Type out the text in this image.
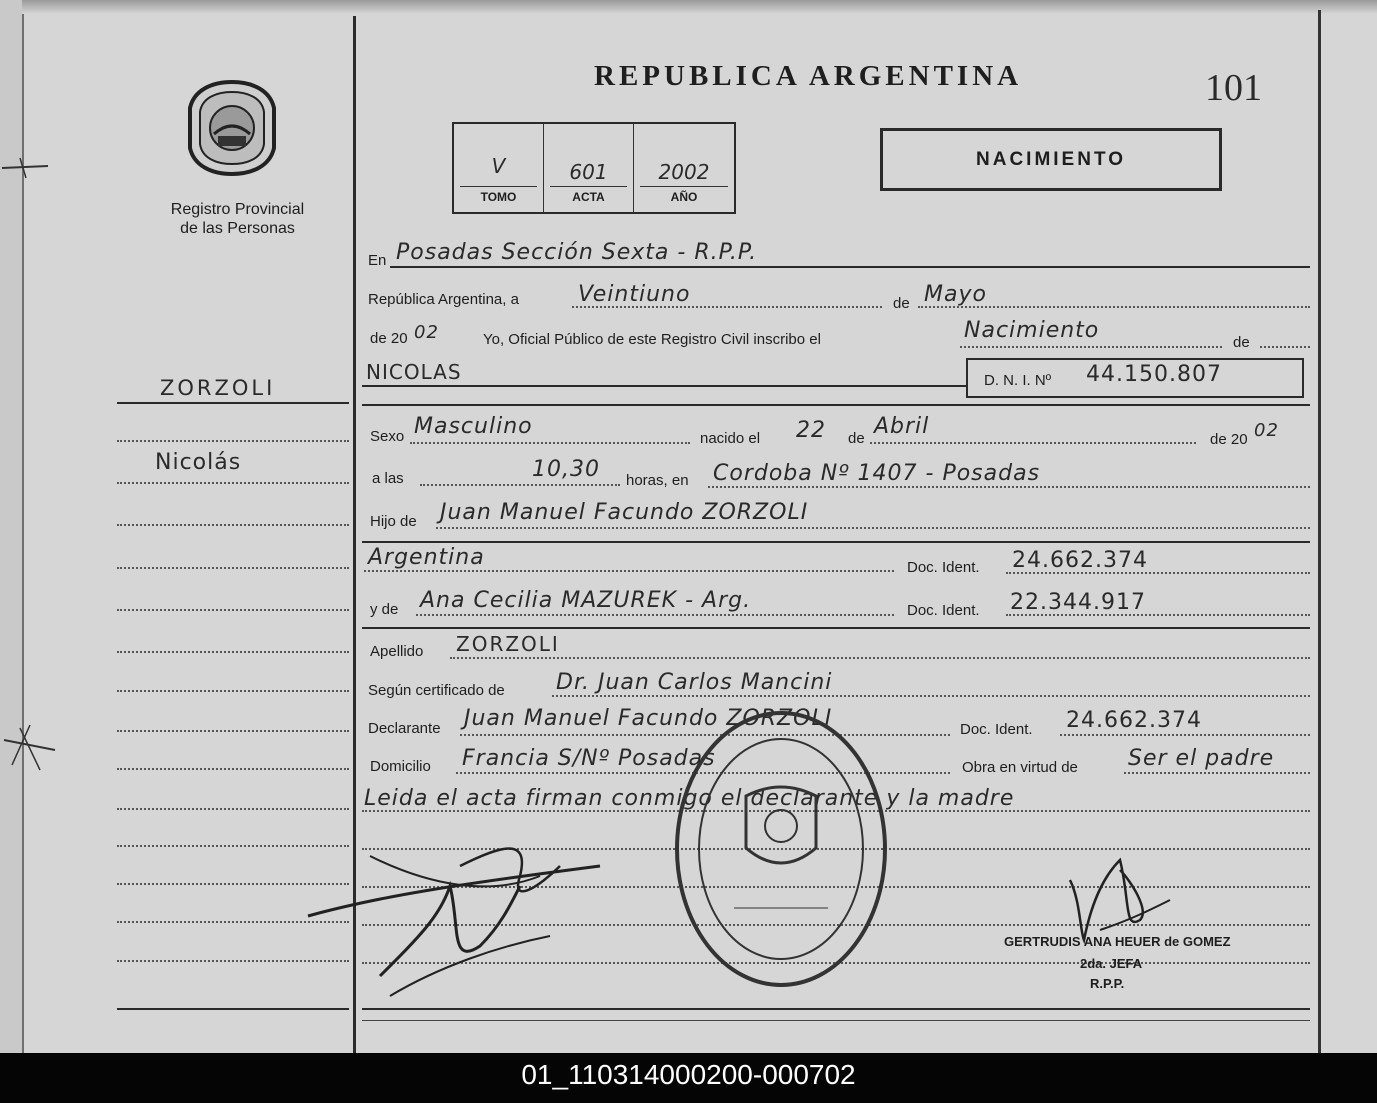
Registro Provincial
de las Personas
REPUBLICA ARGENTINA	101
V
TOMO
601
ACTA
2002
AÑO
NACIMIENTO
ZORZOLI
Nicolás
En Posadas Sección Sexta - R.P.P.
República Argentina, a	Veintiuno	de Mayo
de 20 02	Yo, Oficial Público de este Registro Civil inscribo el	Nacimiento	de
NICOLAS	D. N. I. Nº 44.150.807
Sexo Masculino	nacido el 22 de Abril
de 20 02
a las	10,30 horas, en Cordoba Nº 1407 - Posadas
Hijo de Juan Manuel Facundo ZORZOLI
Argentina	Doc. Ident. 24.662.374
y de Ana Cecilia MAZUREK - Arg.	Doc. Ident. 22.344.917
Apellido ZORZOLI
Según certificado de Dr. Juan Carlos Mancini
Declarante Juan Manuel Facundo ZORZOLI	Doc. Ident. 24.662.374
Domicilio Francia S/Nº Posadas	Obra en virtud de Ser el padre
Leida el acta firman conmigo el declarante y la madre
GERTRUDIS ANA HEUER de GOMEZ
2da. JEFA
R.P.P.
01_110314000200-000702
